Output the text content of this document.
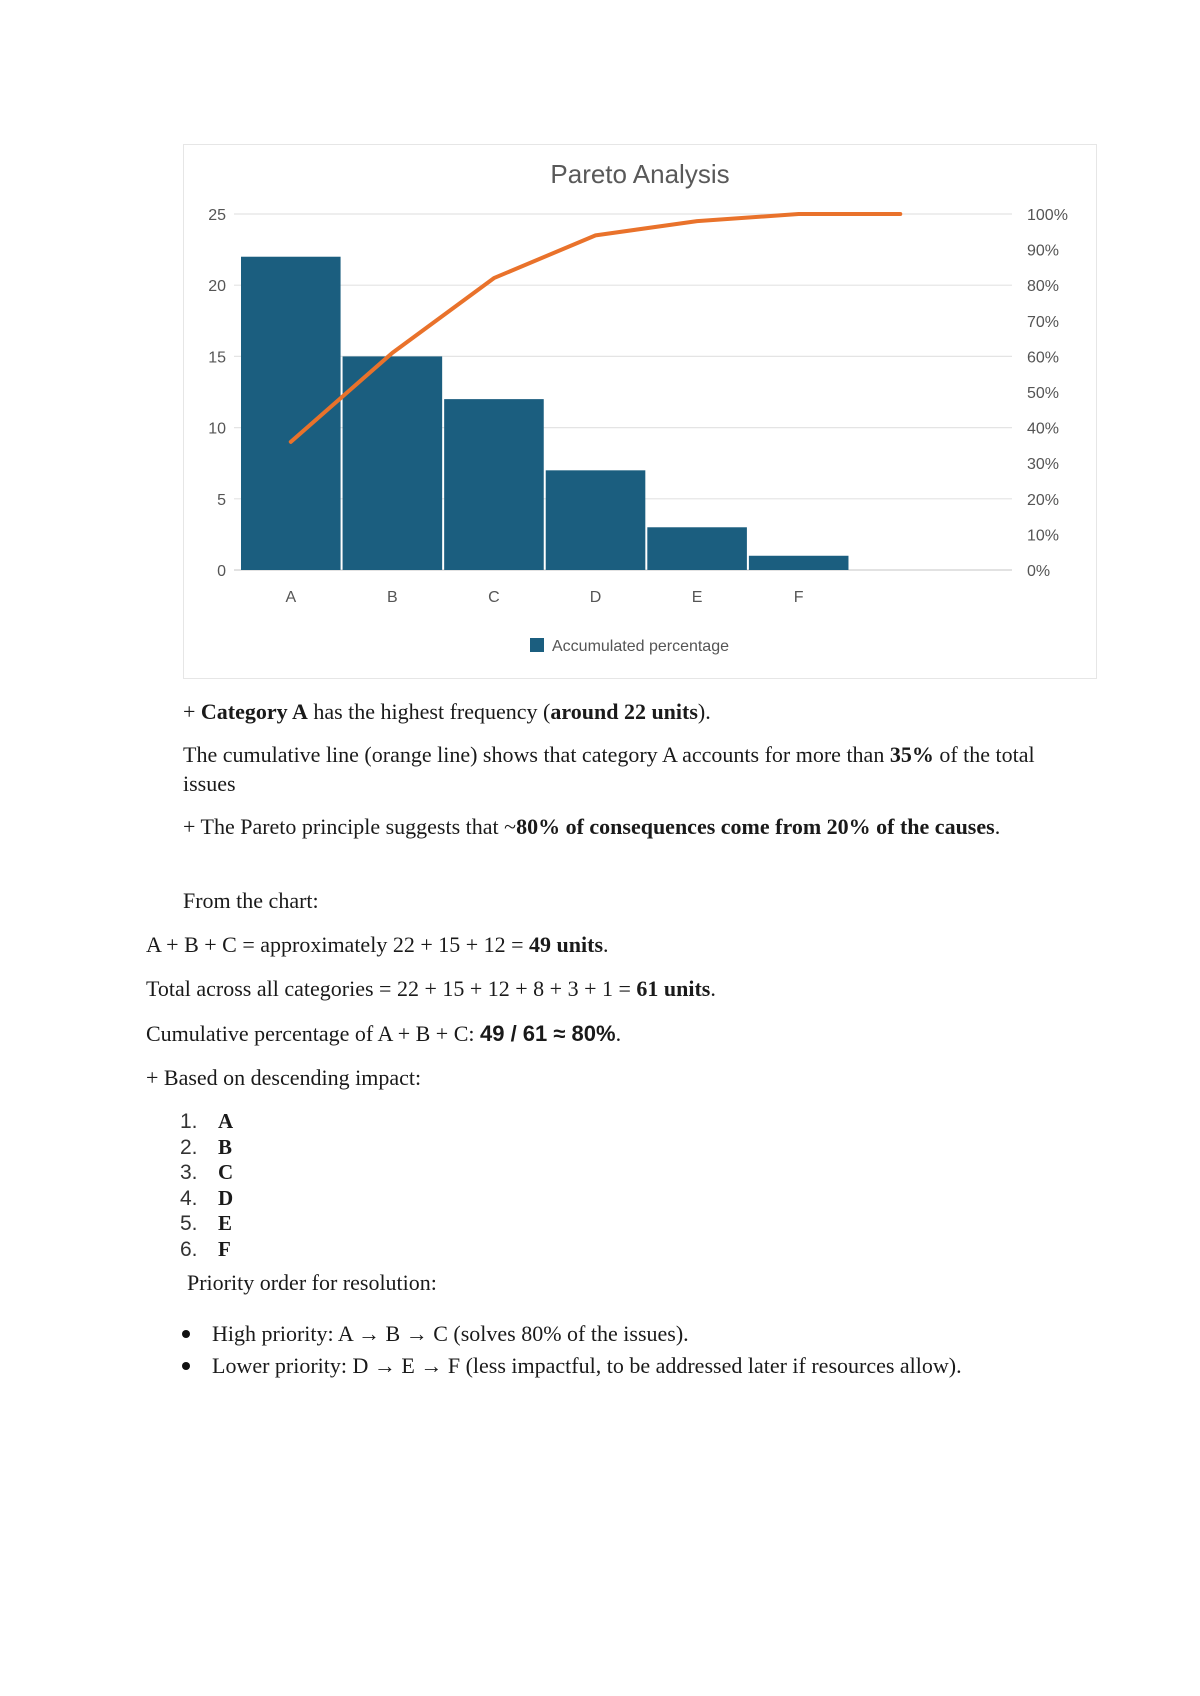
Pareto Analysis
0
5
10
15
20
25
0%
10%
20%
30%
40%
50%
60%
70%
80%
90%
100%
A	B	C	D	E	F
Accumulated percentage

+ Category A has the highest frequency (around 22 units).

The cumulative line (orange line) shows that category A accounts for more than 35% of the total issues

+ The Pareto principle suggests that ~80% of consequences come from 20% of the causes.

From the chart:

A + B + C = approximately 22 + 15 + 12 = 49 units.

Total across all categories = 22 + 15 + 12 + 8 + 3 + 1 = 61 units.

Cumulative percentage of A + B + C: 49 / 61 ≈ 80%.

+ Based on descending impact:

1. A
2. B
3. C
4. D
5. E
6. F

Priority order for resolution:

High priority: A → B → C (solves 80% of the issues).
Lower priority: D → E → F (less impactful, to be addressed later if resources allow).
